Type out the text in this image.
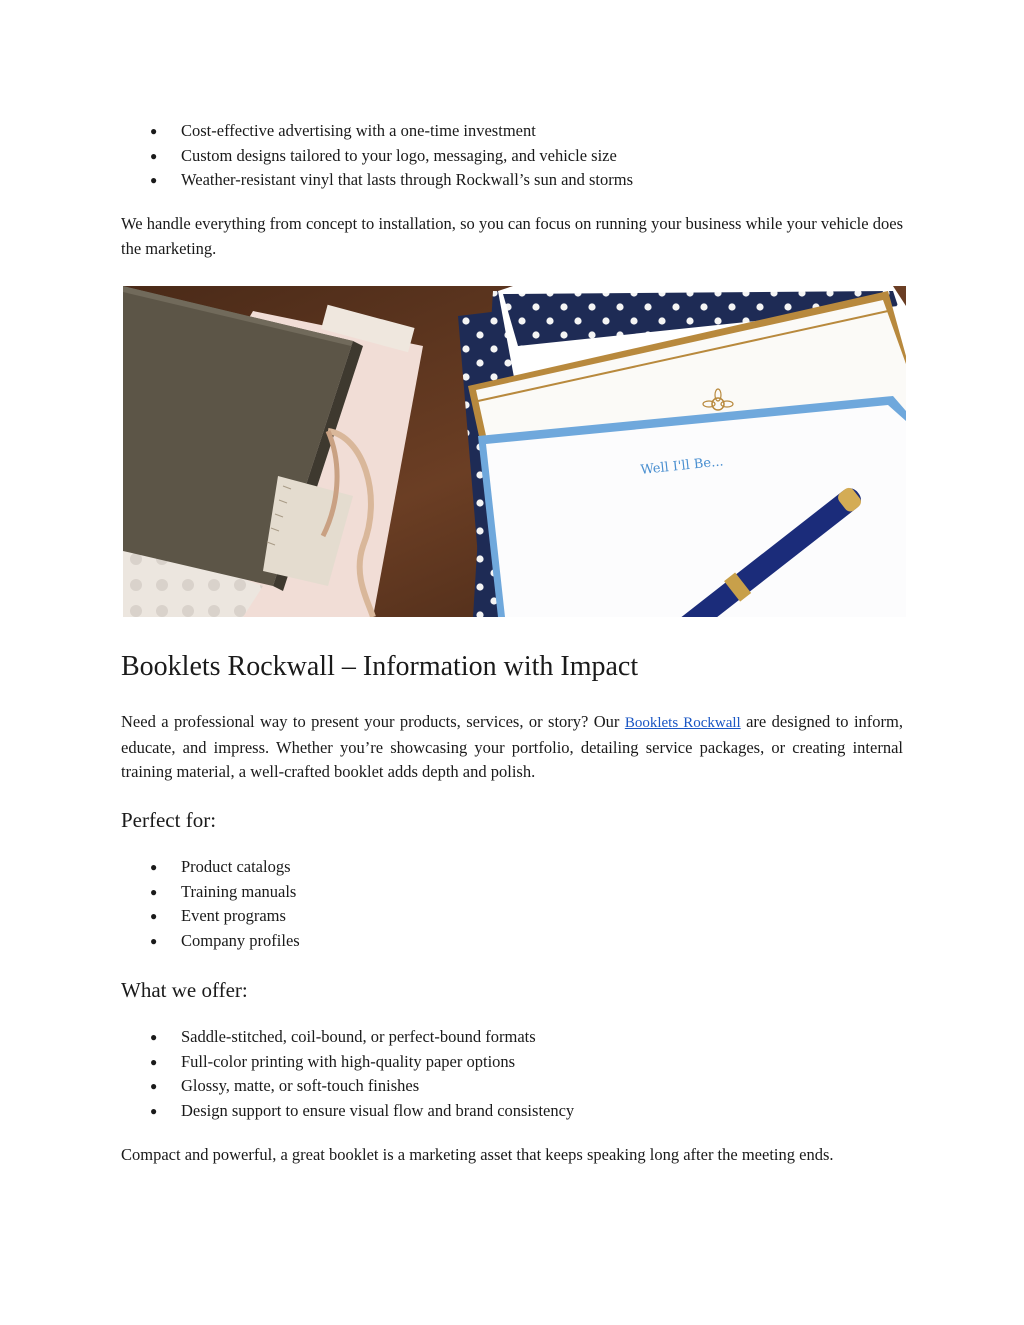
● Cost-effective advertising with a one-time investment
● Custom designs tailored to your logo, messaging, and vehicle size
● Weather-resistant vinyl that lasts through Rockwall’s sun and storms

We handle everything from concept to installation, so you can focus on running your business while your vehicle does the marketing.

Well I'll Be...
Booklets Rockwall – Information with Impact

Need a professional way to present your products, services, or story? Our Booklets Rockwall are designed to inform, educate, and impress. Whether you’re showcasing your portfolio, detailing service packages, or creating internal training material, a well-crafted booklet adds depth and polish.

Perfect for:
● Product catalogs
● Training manuals
● Event programs
● Company profiles
What we offer:
● Saddle-stitched, coil-bound, or perfect-bound formats
● Full-color printing with high-quality paper options
● Glossy, matte, or soft-touch finishes
● Design support to ensure visual flow and brand consistency

Compact and powerful, a great booklet is a marketing asset that keeps speaking long after the meeting ends.
